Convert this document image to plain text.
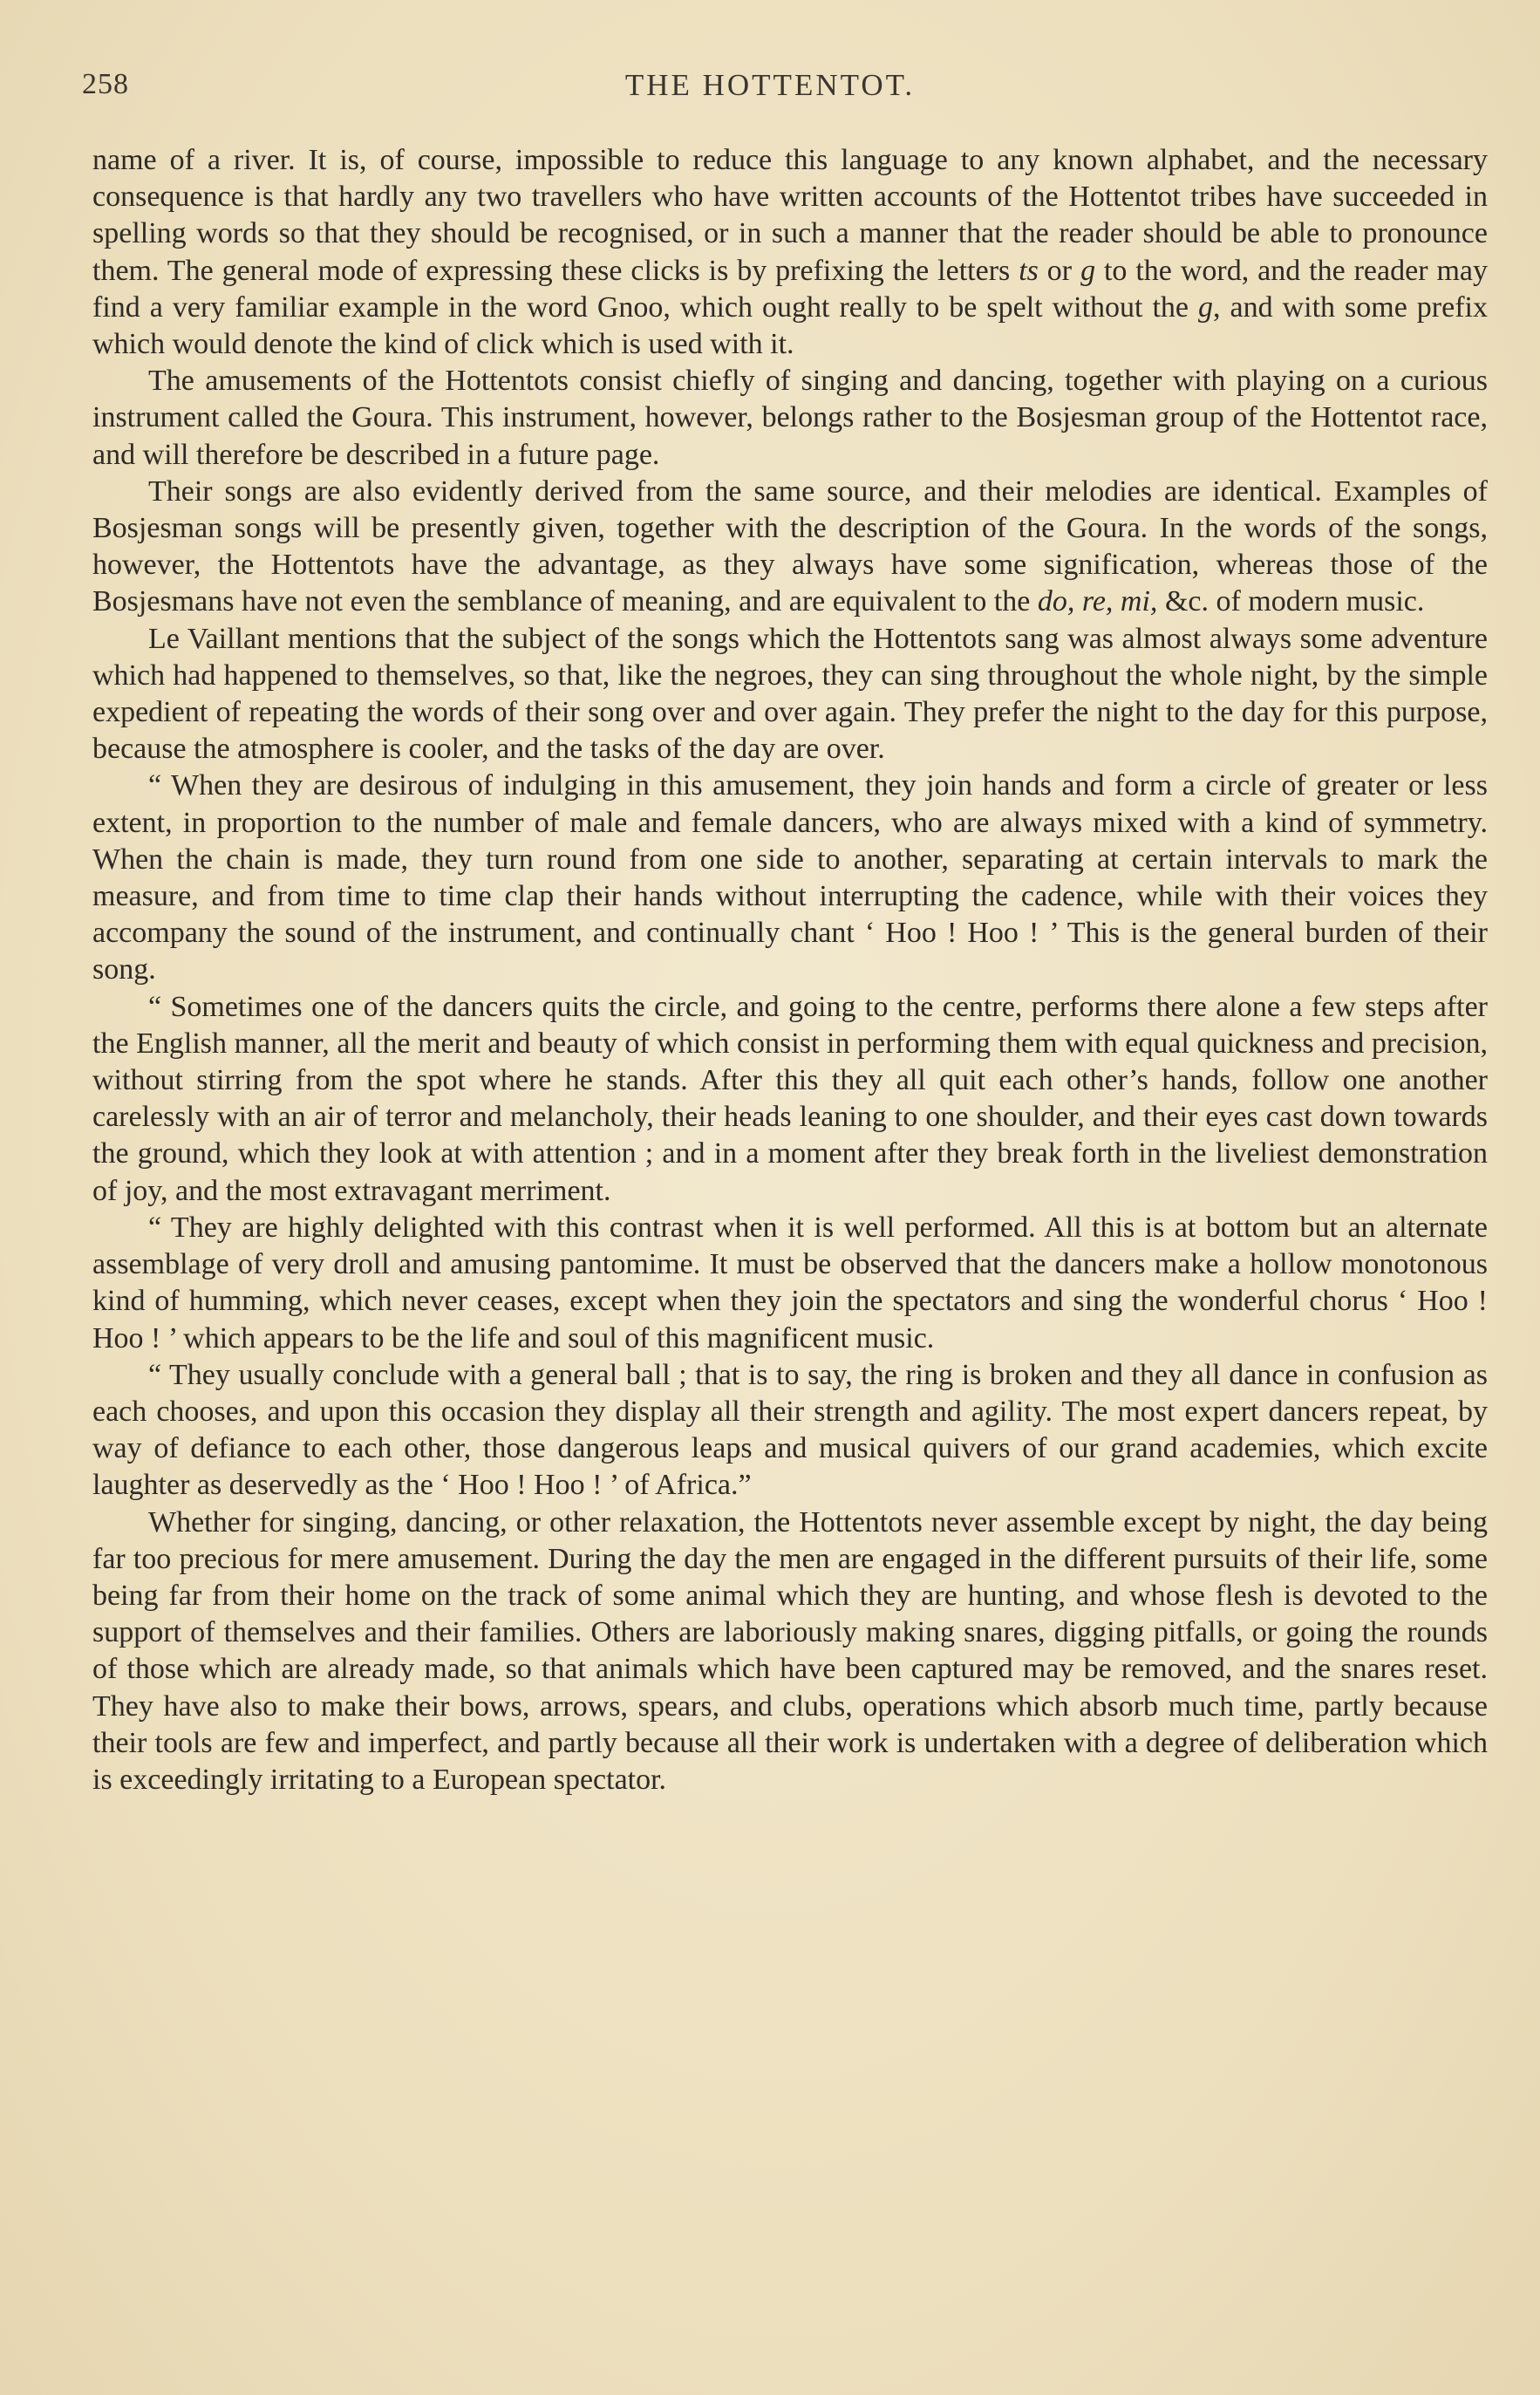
258	THE HOTTENTOT.

name of a river. It is, of course, impossible to reduce this language to any known alphabet, and the necessary consequence is that hardly any two travellers who have written accounts of the Hottentot tribes have succeeded in spelling words so that they should be recognised, or in such a manner that the reader should be able to pronounce them. The general mode of expressing these clicks is by prefixing the letters ts or g to the word, and the reader may find a very familiar example in the word Gnoo, which ought really to be spelt without the g, and with some prefix which would denote the kind of click which is used with it.

The amusements of the Hottentots consist chiefly of singing and dancing, together with playing on a curious instrument called the Goura. This instrument, however, belongs rather to the Bosjesman group of the Hottentot race, and will therefore be described in a future page.

Their songs are also evidently derived from the same source, and their melodies are identical. Examples of Bosjesman songs will be presently given, together with the description of the Goura. In the words of the songs, however, the Hottentots have the advantage, as they always have some signification, whereas those of the Bosjesmans have not even the semblance of meaning, and are equivalent to the do, re, mi, &c. of modern music.

Le Vaillant mentions that the subject of the songs which the Hottentots sang was almost always some adventure which had happened to themselves, so that, like the negroes, they can sing throughout the whole night, by the simple expedient of repeating the words of their song over and over again. They prefer the night to the day for this purpose, because the atmosphere is cooler, and the tasks of the day are over.

“ When they are desirous of indulging in this amusement, they join hands and form a circle of greater or less extent, in proportion to the number of male and female dancers, who are always mixed with a kind of symmetry. When the chain is made, they turn round from one side to another, separating at certain intervals to mark the measure, and from time to time clap their hands without interrupting the cadence, while with their voices they accompany the sound of the instrument, and continually chant ‘ Hoo ! Hoo ! ’ This is the general burden of their song.

“ Sometimes one of the dancers quits the circle, and going to the centre, performs there alone a few steps after the English manner, all the merit and beauty of which consist in performing them with equal quickness and precision, without stirring from the spot where he stands. After this they all quit each other’s hands, follow one another carelessly with an air of terror and melancholy, their heads leaning to one shoulder, and their eyes cast down towards the ground, which they look at with attention ; and in a moment after they break forth in the liveliest demonstration of joy, and the most extravagant merriment.

“ They are highly delighted with this contrast when it is well performed. All this is at bottom but an alternate assemblage of very droll and amusing pantomime. It must be observed that the dancers make a hollow monotonous kind of humming, which never ceases, except when they join the spectators and sing the wonderful chorus ‘ Hoo ! Hoo ! ’ which appears to be the life and soul of this magnificent music.

“ They usually conclude with a general ball ; that is to say, the ring is broken and they all dance in confusion as each chooses, and upon this occasion they display all their strength and agility. The most expert dancers repeat, by way of defiance to each other, those dangerous leaps and musical quivers of our grand academies, which excite laughter as deservedly as the ‘ Hoo ! Hoo ! ’ of Africa.”

Whether for singing, dancing, or other relaxation, the Hottentots never assemble except by night, the day being far too precious for mere amusement. During the day the men are engaged in the different pursuits of their life, some being far from their home on the track of some animal which they are hunting, and whose flesh is devoted to the support of themselves and their families. Others are laboriously making snares, digging pitfalls, or going the rounds of those which are already made, so that animals which have been captured may be removed, and the snares reset. They have also to make their bows, arrows, spears, and clubs, operations which absorb much time, partly because their tools are few and imperfect, and partly because all their work is undertaken with a degree of deliberation which is exceedingly irritating to a European spectator.
